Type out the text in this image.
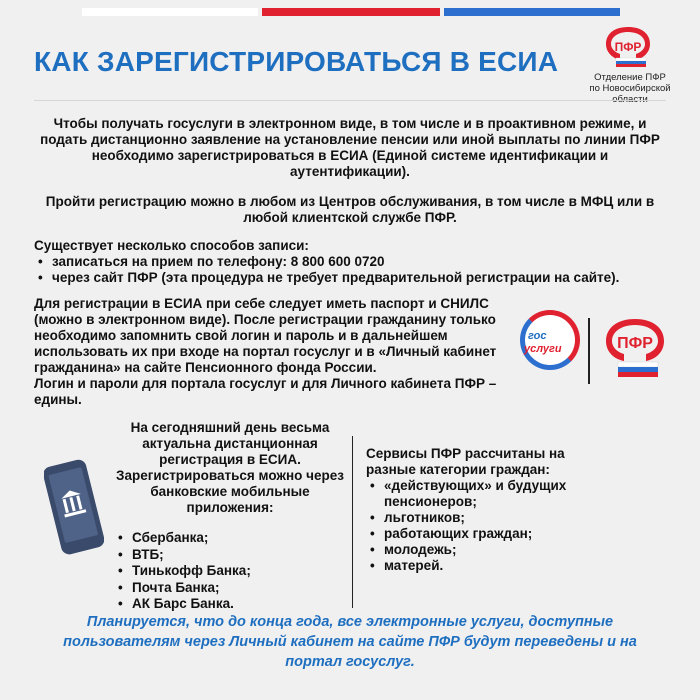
КАК ЗАРЕГИСТРИРОВАТЬСЯ В ЕСИА	ПФР
Отделение ПФР
по Новосибирской
Чтобы получать госуслуги в электронном виде, в том числе и в проактивном режиме, и подать дистанционно заявление на установление пенсии или иной выплаты по линии ПФР необходимо зарегистрироваться в ЕСИА (Единой системе идентификации и аутентификации).
Пройти регистрацию можно в любом из Центров обслуживания, в том числе в МФЦ или в любой клиентской службе ПФР.
Существует несколько способов записи:
• записаться на прием по телефону: 8 800 600 0720
• через сайт ПФР (эта процедура не требует предварительной регистрации на сайте).
Для регистрации в ЕСИА при себе следует иметь паспорт и СНИЛС (можно в электронном виде). После регистрации гражданину только необходимо запомнить свой логин и пароль и в дальнейшем использовать их при входе на портал госуслуг и в «Личный кабинет гражданина» на сайте Пенсионного фонда России.
Логин и пароли для портала госуслуг и для Личного кабинета ПФР – едины.
гос
услуги	ПФР
На сегодняшний день весьма актуальна дистанционная регистрация в ЕСИА.
Зарегистрироваться можно через банковские мобильные приложения:
• Сбербанка;
• ВТБ;
• Тинькофф Банка;
• Почта Банка;
• АК Барс Банка.
Сервисы ПФР рассчитаны на разные категории граждан:
• «действующих» и будущих пенсионеров;
• льготников;
• работающих граждан;
• молодежь;
• матерей.
Планируется, что до конца года, все электронные услуги, доступные пользователям через Личный кабинет на сайте ПФР будут переведены и на портал госуслуг.
